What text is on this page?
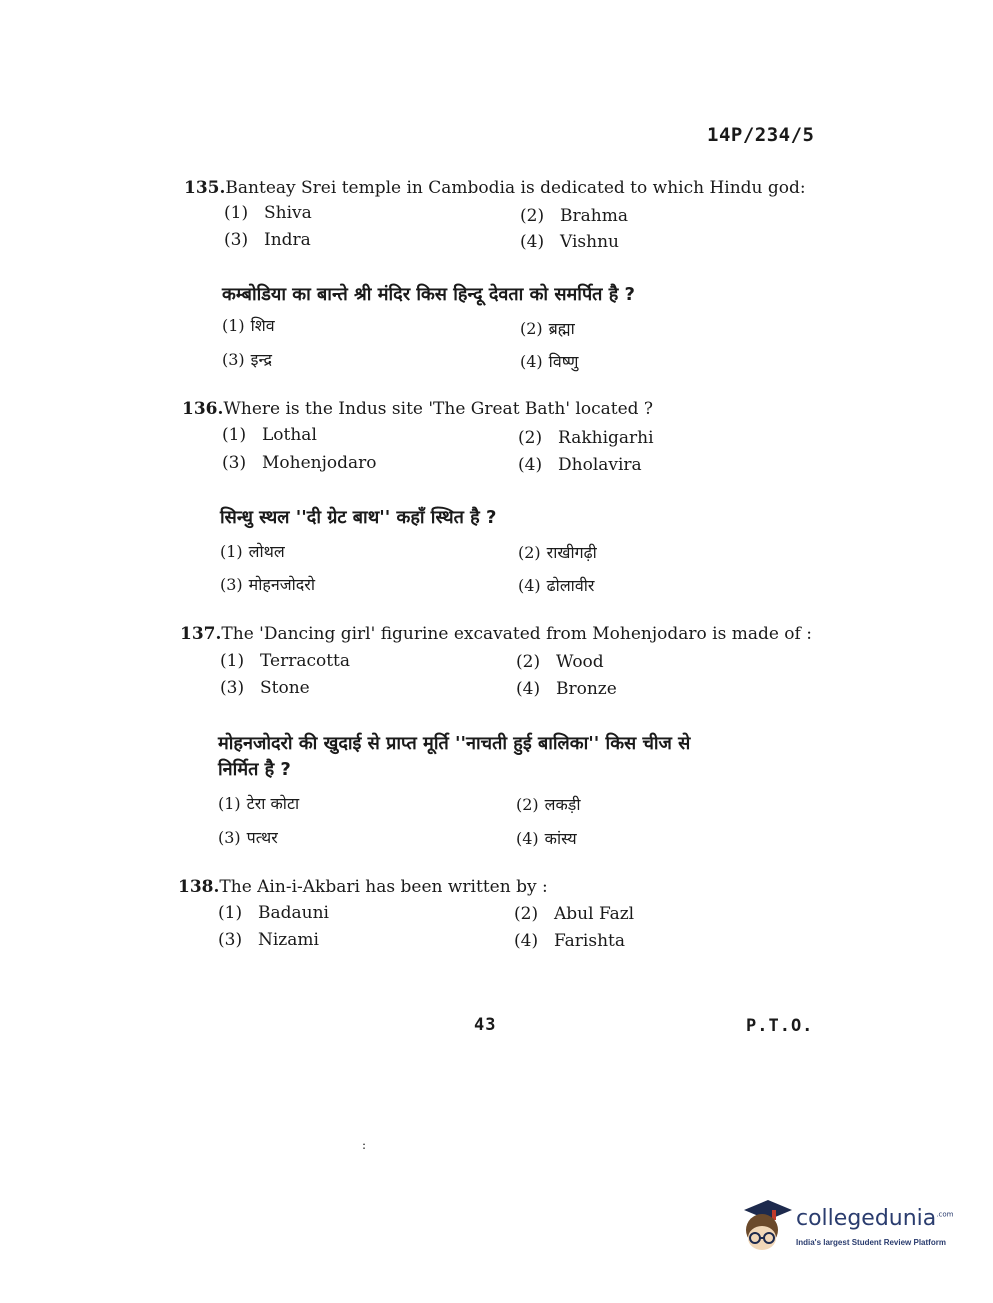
14P/234/5
135.Banteay Srei temple in Cambodia is dedicated to which Hindu god:
(1) Shiva	(2) Brahma
(3) Indra	(4) Vishnu
कम्बोडिया का बान्ते श्री मंदिर किस हिन्दू देवता को समर्पित है ?
(1) शिव	(2) ब्रह्मा
(3) इन्द्र	(4) विष्णु
136.Where is the Indus site 'The Great Bath' located ?
(1) Lothal	(2) Rakhigarhi
(3) Mohenjodaro	(4) Dholavira
सिन्धु स्थल ''दी ग्रेट बाथ'' कहाँ स्थित है ?
(1) लोथल	(2) राखीगढ़ी
(3) मोहनजोदरो	(4) ढोलावीर
137.The 'Dancing girl' figurine excavated from Mohenjodaro is made of :
(1) Terracotta	(2) Wood
(3) Stone	(4) Bronze
मोहनजोदरो की खुदाई से प्राप्त मूर्ति ''नाचती हुई बालिका'' किस चीज से
निर्मित है ?
(1) टेरा कोटा	(2) लकड़ी
(3) पत्थर	(4) कांस्य
138.The Ain-i-Akbari has been written by :
(1) Badauni	(2) Abul Fazl
(3) Nizami	(4) Farishta
43	P.T.O.
:
collegedunia$^{.com}$
India's largest Student Review Platform
